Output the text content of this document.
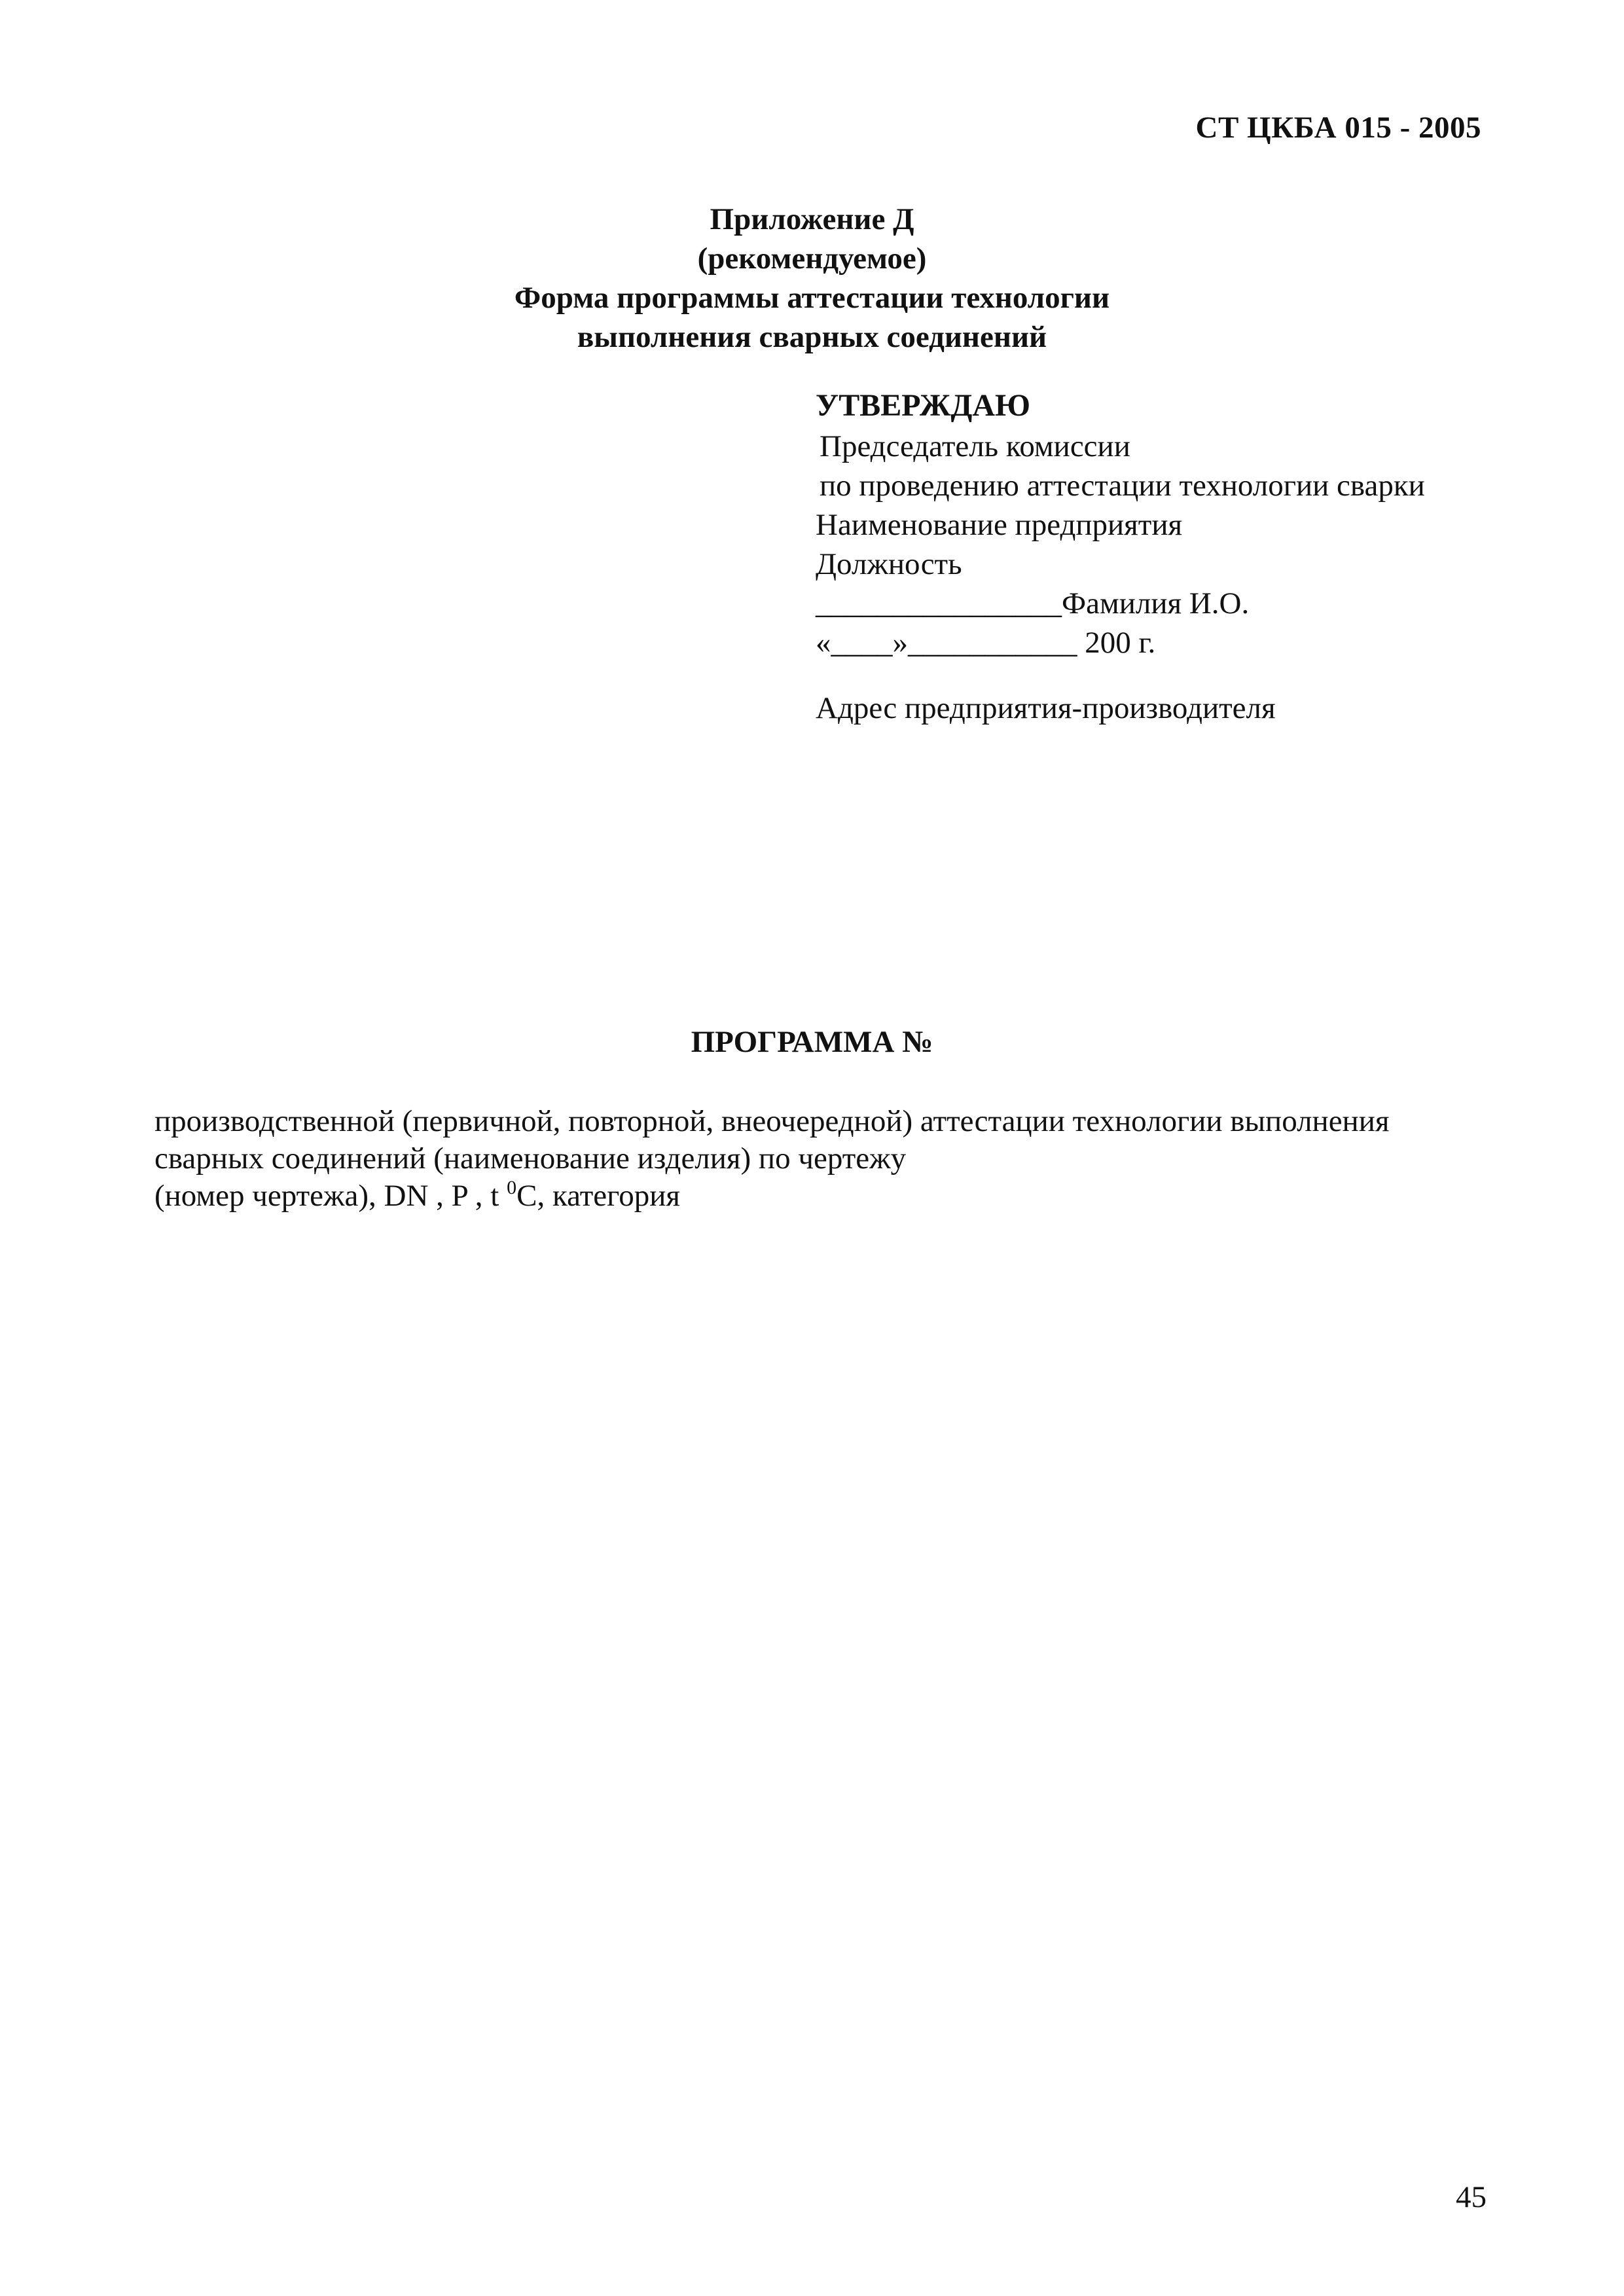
СТ ЦКБА 015 - 2005
Приложение Д
(рекомендуемое)
Форма программы аттестации технологии
выполнения сварных соединений
УТВЕРЖДАЮ
Председатель комиссии
по проведению аттестации технологии сварки
Наименование предприятия
Должность
________________Фамилия И.О.
«____»___________ 200 г.
Адрес предприятия-производителя
ПРОГРАММА №
производственной (первичной, повторной, внеочередной) аттестации технологии выполнения
сварных соединений (наименование изделия) по чертежу
(номер чертежа), DN , P , t $^0$C, категория
45
